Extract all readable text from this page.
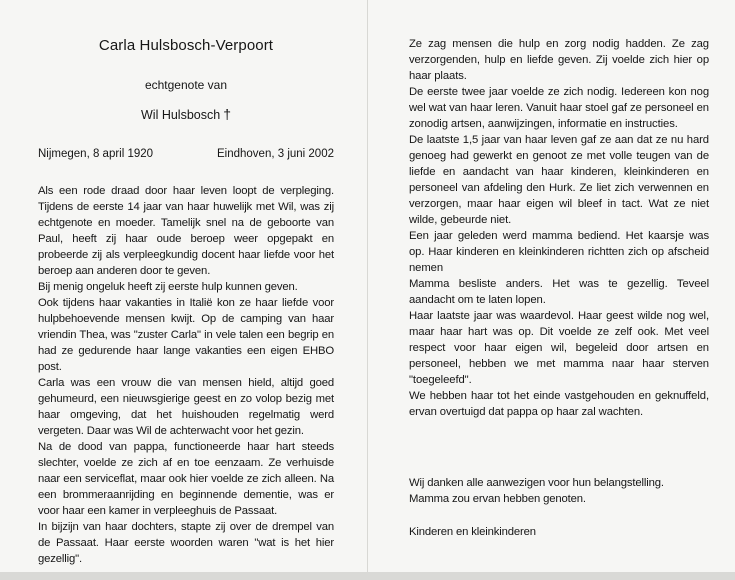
Carla Hulsbosch-Verpoort
echtgenote van
Wil Hulsbosch †
Nijmegen, 8 april 1920	Eindhoven, 3 juni 2002

Als een rode draad door haar leven loopt de verpleging. Tijdens de eerste 14 jaar van haar huwelijk met Wil, was zij echtgenote en moeder. Tamelijk snel na de geboorte van Paul, heeft zij haar oude beroep weer opgepakt en probeerde zij als verpleegkundig docent haar liefde voor het beroep aan anderen door te geven.

Bij menig ongeluk heeft zij eerste hulp kunnen geven.

Ook tijdens haar vakanties in Italië kon ze haar liefde voor hulpbehoevende mensen kwijt. Op de camping van haar vriendin Thea, was "zuster Carla" in vele talen een begrip en had ze gedurende haar lange vakanties een eigen EHBO post.

Carla was een vrouw die van mensen hield, altijd goed gehumeurd, een nieuwsgierige geest en zo volop bezig met haar omgeving, dat het huishouden regelmatig werd vergeten. Daar was Wil de achterwacht voor het gezin.

Na de dood van pappa, functioneerde haar hart steeds slechter, voelde ze zich af en toe eenzaam. Ze verhuisde naar een serviceflat, maar ook hier voelde ze zich alleen. Na een brommeraanrijding en beginnende dementie, was er voor haar een kamer in verpleeghuis de Passaat.

In bijzijn van haar dochters, stapte zij over de drempel van de Passaat. Haar eerste woorden waren "wat is het hier gezellig".

Ze zag mensen die hulp en zorg nodig hadden. Ze zag verzorgenden, hulp en liefde geven. Zij voelde zich hier op haar plaats.

De eerste twee jaar voelde ze zich nodig. Iedereen kon nog wel wat van haar leren. Vanuit haar stoel gaf ze personeel en zonodig artsen, aanwijzingen, informatie en instructies.

De laatste 1,5 jaar van haar leven gaf ze aan dat ze nu hard genoeg had gewerkt en genoot ze met volle teugen van de liefde en aandacht van haar kinderen, kleinkinderen en personeel van afdeling den Hurk. Ze liet zich verwennen en verzorgen, maar haar eigen wil bleef in tact. Wat ze niet wilde, gebeurde niet.

Een jaar geleden werd mamma bediend. Het kaarsje was op. Haar kinderen en kleinkinderen richtten zich op afscheid nemen

Mamma besliste anders. Het was te gezellig. Teveel aandacht om te laten lopen.

Haar laatste jaar was waardevol. Haar geest wilde nog wel, maar haar hart was op. Dit voelde ze zelf ook. Met veel respect voor haar eigen wil, begeleid door artsen en personeel, hebben we met mamma naar haar sterven "toegeleefd".

We hebben haar tot het einde vastgehouden en geknuffeld, ervan overtuigd dat pappa op haar zal wachten.

Wij danken alle aanwezigen voor hun belangstelling.

Mamma zou ervan hebben genoten.

Kinderen en kleinkinderen
